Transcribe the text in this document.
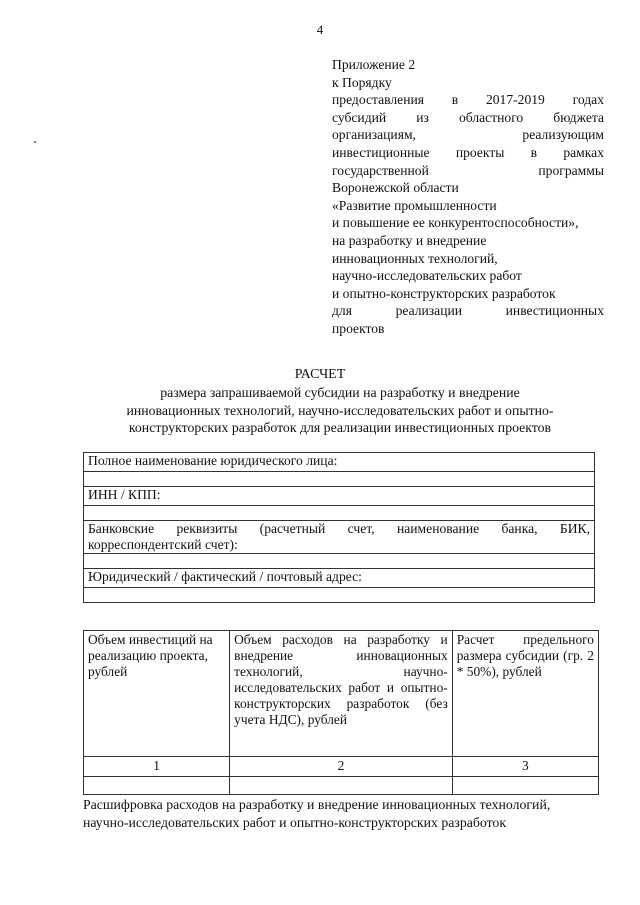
4
Приложение 2
к Порядку
предоставления в 2017-2019 годах
субсидий из областного бюджета
организациям, реализующим
инвестиционные проекты в рамках
государственной программы
Воронежской области
«Развитие промышленности
и повышение ее конкурентоспособности»,
на разработку и внедрение
инновационных технологий,
научно-исследовательских работ
и опытно-конструкторских разработок
для реализации инвестиционных
проектов
РАСЧЕТ
размера запрашиваемой субсидии на разработку и внедрение
инновационных технологий, научно-исследовательских работ и опытно-
конструкторских разработок для реализации инвестиционных проектов
Полное наименование юридического лица:

ИНН / КПП:

Банковские реквизиты (расчетный счет, наименование банка, БИК, корреспондентский счет):

Юридический / фактический / почтовый адрес:

Объем инвестиций на реализацию проекта, рублей	Объем расходов на разработку и внедрение инновационных технологий, научно-исследовательских работ и опытно-конструкторских разработок (без учета НДС), рублей	Расчет предельного размера субсидии (гр. 2 * 50%), рублей
1	2	3

Расшифровка расходов на разработку и внедрение инновационных технологий,
научно-исследовательских работ и опытно-конструкторских разработок
